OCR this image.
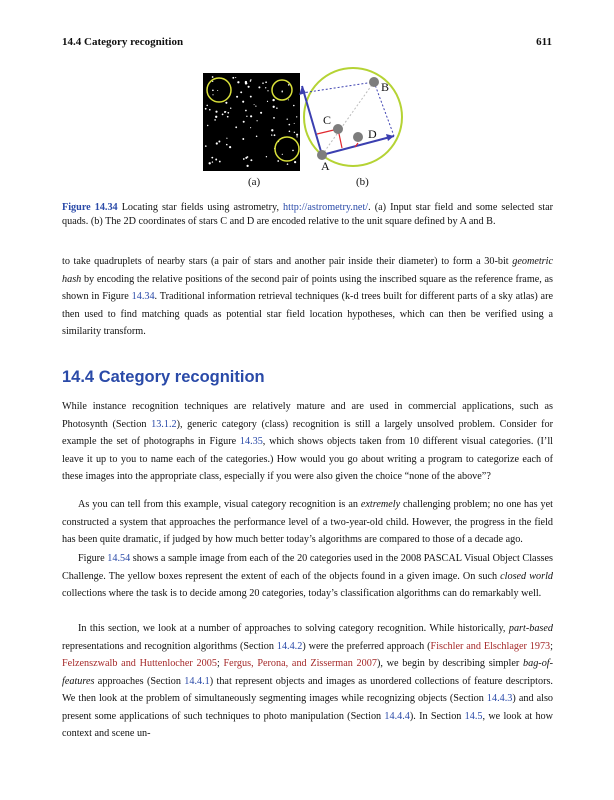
14.4 Category recognition	611
B
C
D
A
(a)	(b)
Figure 14.34 Locating star fields using astrometry, http://astrometry.net/. (a) Input star field and some selected star quads. (b) The 2D coordinates of stars C and D are encoded relative to the unit square defined by A and B.
to take quadruplets of nearby stars (a pair of stars and another pair inside their diameter) to form a 30-bit geometric hash by encoding the relative positions of the second pair of points using the inscribed square as the reference frame, as shown in Figure 14.34. Traditional information retrieval techniques (k-d trees built for different parts of a sky atlas) are then used to find matching quads as potential star field location hypotheses, which can then be verified using a similarity transform.
14.4 Category recognition
While instance recognition techniques are relatively mature and are used in commercial applications, such as Photosynth (Section 13.1.2), generic category (class) recognition is still a largely unsolved problem. Consider for example the set of photographs in Figure 14.35, which shows objects taken from 10 different visual categories. (I’ll leave it up to you to name each of the categories.) How would you go about writing a program to categorize each of these images into the appropriate class, especially if you were also given the choice “none of the above”?
As you can tell from this example, visual category recognition is an extremely challenging problem; no one has yet constructed a system that approaches the performance level of a two-year-old child. However, the progress in the field has been quite dramatic, if judged by how much better today’s algorithms are compared to those of a decade ago.
Figure 14.54 shows a sample image from each of the 20 categories used in the 2008 PASCAL Visual Object Classes Challenge. The yellow boxes represent the extent of each of the objects found in a given image. On such closed world collections where the task is to decide among 20 categories, today’s classification algorithms can do remarkably well.
In this section, we look at a number of approaches to solving category recognition. While historically, part-based representations and recognition algorithms (Section 14.4.2) were the preferred approach (Fischler and Elschlager 1973; Felzenszwalb and Huttenlocher 2005; Fergus, Perona, and Zisserman 2007), we begin by describing simpler bag-of-features approaches (Section 14.4.1) that represent objects and images as unordered collections of feature descriptors. We then look at the problem of simultaneously segmenting images while recognizing objects (Section 14.4.3) and also present some applications of such techniques to photo manipulation (Section 14.4.4). In Section 14.5, we look at how context and scene un-
